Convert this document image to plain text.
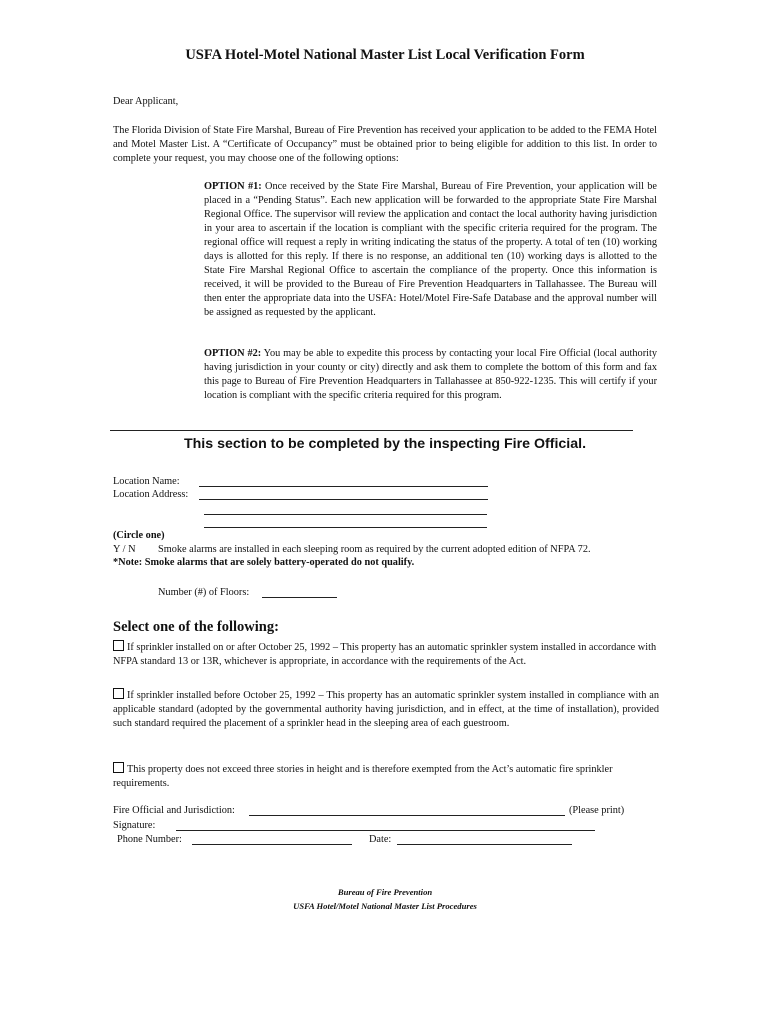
USFA Hotel-Motel National Master List Local Verification Form
Dear Applicant,
The Florida Division of State Fire Marshal, Bureau of Fire Prevention has received your application to be added to the FEMA Hotel and Motel Master List. A “Certificate of Occupancy” must be obtained prior to being eligible for addition to this list. In order to complete your request, you may choose one of the following options:
OPTION #1: Once received by the State Fire Marshal, Bureau of Fire Prevention, your application will be placed in a “Pending Status”. Each new application will be forwarded to the appropriate State Fire Marshal Regional Office. The supervisor will review the application and contact the local authority having jurisdiction in your area to ascertain if the location is compliant with the specific criteria required for the program. The regional office will request a reply in writing indicating the status of the property. A total of ten (10) working days is allotted for this reply. If there is no response, an additional ten (10) working days is allotted to the State Fire Marshal Regional Office to ascertain the compliance of the property. Once this information is received, it will be provided to the Bureau of Fire Prevention Headquarters in Tallahassee. The Bureau will then enter the appropriate data into the USFA: Hotel/Motel Fire-Safe Database and the approval number will be assigned as requested by the applicant.
OPTION #2: You may be able to expedite this process by contacting your local Fire Official (local authority having jurisdiction in your county or city) directly and ask them to complete the bottom of this form and fax this page to Bureau of Fire Prevention Headquarters in Tallahassee at 850-922-1235. This will certify if your location is compliant with the specific criteria required for this program.
This section to be completed by the inspecting Fire Official.
Location Name:
Location Address:
(Circle one)
Y / N Smoke alarms are installed in each sleeping room as required by the current adopted edition of NFPA 72.
*Note: Smoke alarms that are solely battery-operated do not qualify.
Number (#) of Floors:
Select one of the following:
If sprinkler installed on or after October 25, 1992 – This property has an automatic sprinkler system installed in accordance with NFPA standard 13 or 13R, whichever is appropriate, in accordance with the requirements of the Act.
If sprinkler installed before October 25, 1992 – This property has an automatic sprinkler system installed in compliance with an applicable standard (adopted by the governmental authority having jurisdiction, and in effect, at the time of installation), provided such standard required the placement of a sprinkler head in the sleeping area of each guestroom.
This property does not exceed three stories in height and is therefore exempted from the Act’s automatic fire sprinkler requirements.
Fire Official and Jurisdiction:	(Please print)
Signature:
Phone Number:	Date:
Bureau of Fire Prevention
USFA Hotel/Motel National Master List Procedures
